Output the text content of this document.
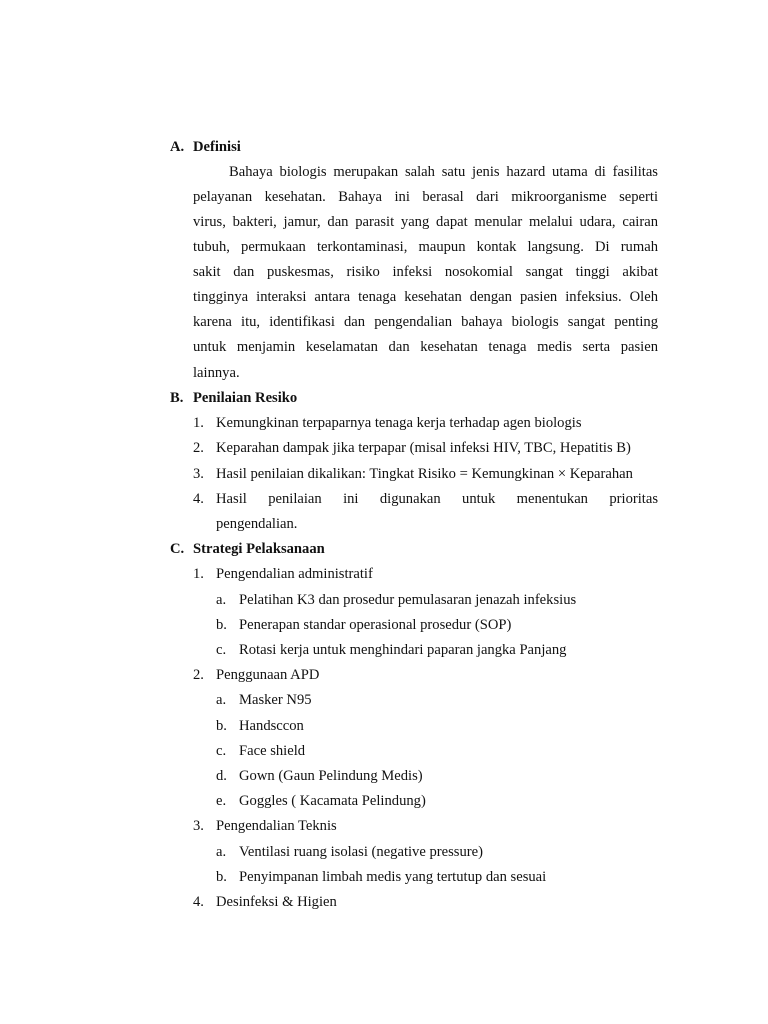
A. Definisi
Bahaya biologis merupakan salah satu jenis hazard utama di fasilitas
pelayanan kesehatan. Bahaya ini berasal dari mikroorganisme seperti
virus, bakteri, jamur, dan parasit yang dapat menular melalui udara, cairan
tubuh, permukaan terkontaminasi, maupun kontak langsung. Di rumah
sakit dan puskesmas, risiko infeksi nosokomial sangat tinggi akibat
tingginya interaksi antara tenaga kesehatan dengan pasien infeksius. Oleh
karena itu, identifikasi dan pengendalian bahaya biologis sangat penting
untuk menjamin keselamatan dan kesehatan tenaga medis serta pasien
lainnya.
B. Penilaian Resiko
1. Kemungkinan terpaparnya tenaga kerja terhadap agen biologis
2. Keparahan dampak jika terpapar (misal infeksi HIV, TBC, Hepatitis B)
3. Hasil penilaian dikalikan: Tingkat Risiko = Kemungkinan × Keparahan
4. Hasil penilaian ini digunakan untuk menentukan prioritas
pengendalian.
C. Strategi Pelaksanaan
1. Pengendalian administratif
a. Pelatihan K3 dan prosedur pemulasaran jenazah infeksius
b. Penerapan standar operasional prosedur (SOP)
c. Rotasi kerja untuk menghindari paparan jangka Panjang
2. Penggunaan APD
a. Masker N95
b. Handsccon
c. Face shield
d. Gown (Gaun Pelindung Medis)
e. Goggles ( Kacamata Pelindung)
3. Pengendalian Teknis
a. Ventilasi ruang isolasi (negative pressure)
b. Penyimpanan limbah medis yang tertutup dan sesuai
4. Desinfeksi & Higien
